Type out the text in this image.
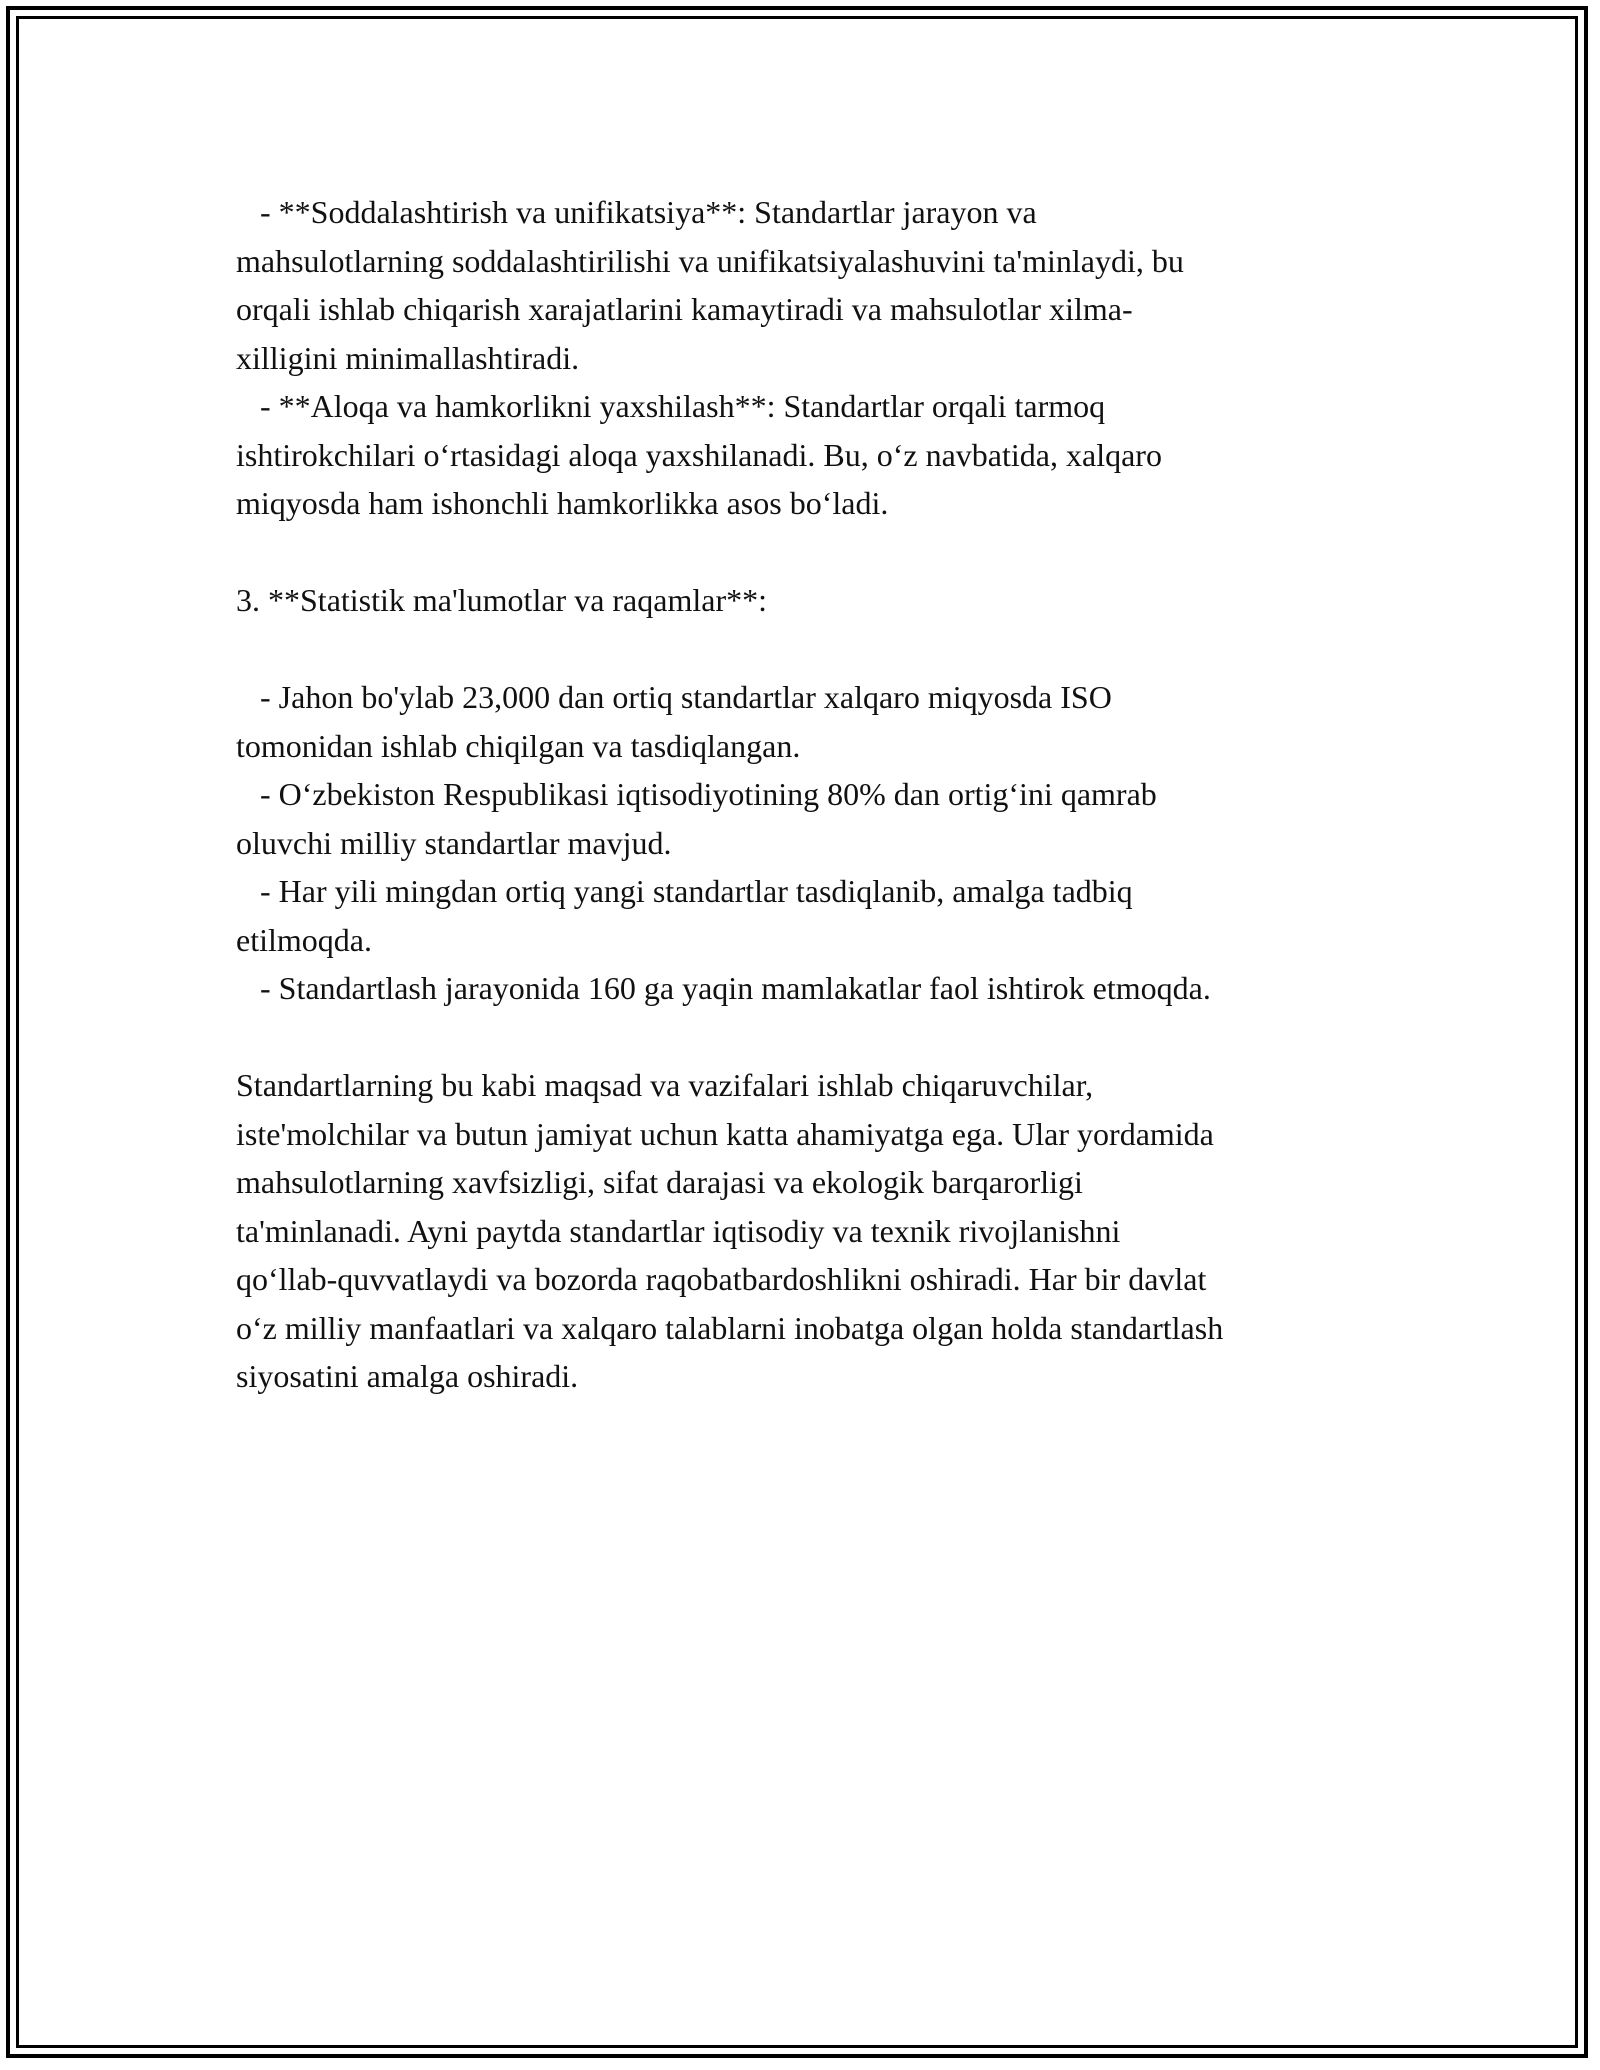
- **Soddalashtirish va unifikatsiya**: Standartlar jarayon va
mahsulotlarning soddalashtirilishi va unifikatsiyalashuvini ta'minlaydi, bu
orqali ishlab chiqarish xarajatlarini kamaytiradi va mahsulotlar xilma-
xilligini minimallashtiradi.
- **Aloqa va hamkorlikni yaxshilash**: Standartlar orqali tarmoq
ishtirokchilari o‘rtasidagi aloqa yaxshilanadi. Bu, o‘z navbatida, xalqaro
miqyosda ham ishonchli hamkorlikka asos bo‘ladi.
3. **Statistik ma'lumotlar va raqamlar**:
- Jahon bo'ylab 23,000 dan ortiq standartlar xalqaro miqyosda ISO
tomonidan ishlab chiqilgan va tasdiqlangan.
- O‘zbekiston Respublikasi iqtisodiyotining 80% dan ortig‘ini qamrab
oluvchi milliy standartlar mavjud.
- Har yili mingdan ortiq yangi standartlar tasdiqlanib, amalga tadbiq
etilmoqda.
- Standartlash jarayonida 160 ga yaqin mamlakatlar faol ishtirok etmoqda.
Standartlarning bu kabi maqsad va vazifalari ishlab chiqaruvchilar,
iste'molchilar va butun jamiyat uchun katta ahamiyatga ega. Ular yordamida
mahsulotlarning xavfsizligi, sifat darajasi va ekologik barqarorligi
ta'minlanadi. Ayni paytda standartlar iqtisodiy va texnik rivojlanishni
qo‘llab-quvvatlaydi va bozorda raqobatbardoshlikni oshiradi. Har bir davlat
o‘z milliy manfaatlari va xalqaro talablarni inobatga olgan holda standartlash
siyosatini amalga oshiradi.
